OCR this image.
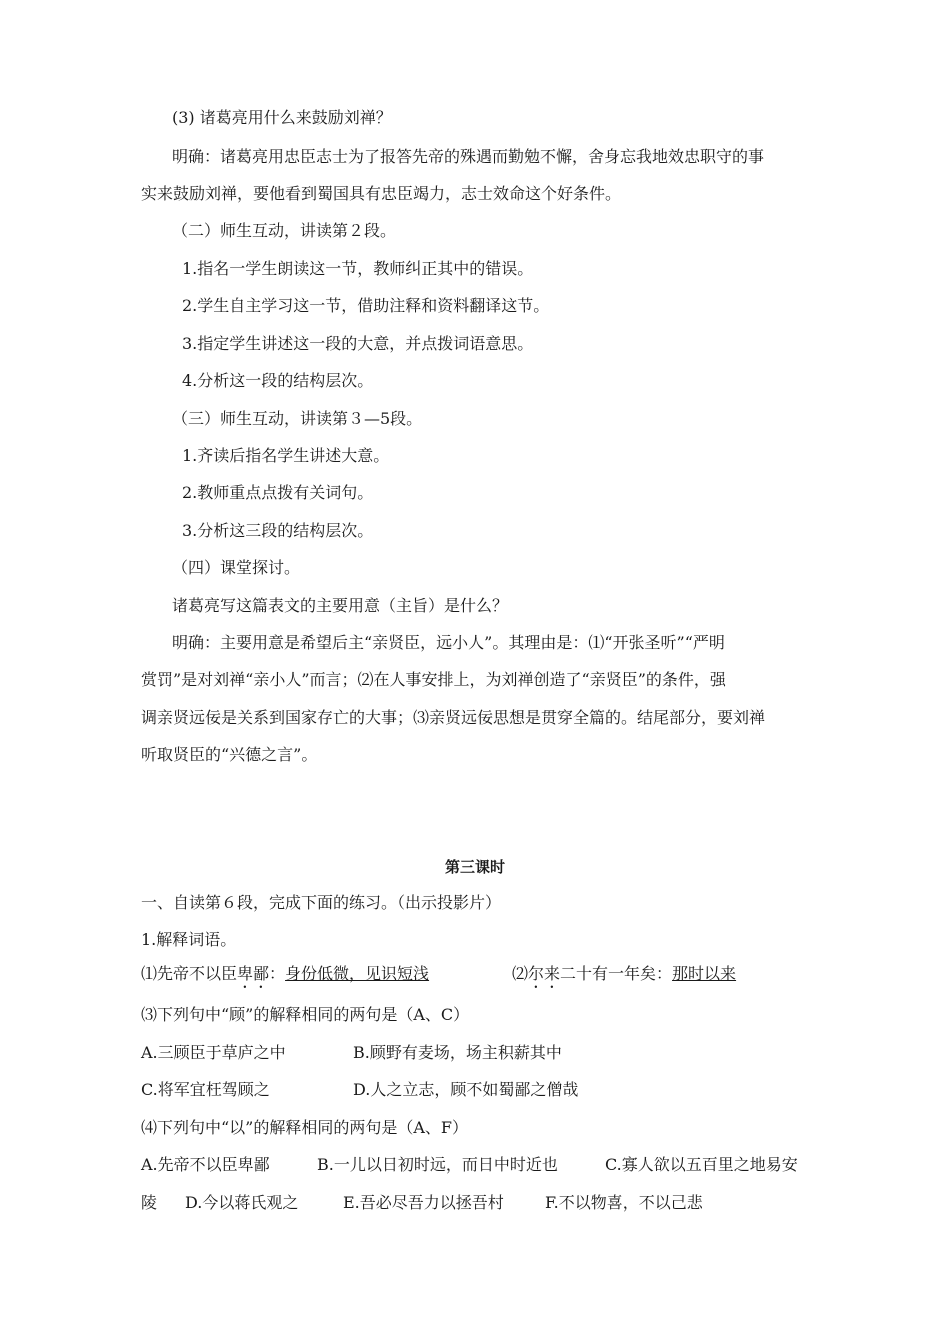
(3) 诸葛亮用什么来鼓励刘禅？
明确：诸葛亮用忠臣志士为了报答先帝的殊遇而勤勉不懈，舍身忘我地效忠职守的事
实来鼓励刘禅，要他看到蜀国具有忠臣竭力，志士效命这个好条件。
（二）师生互动，讲读第２段。
1.指名一学生朗读这一节，教师纠正其中的错误。
2.学生自主学习这一节，借助注释和资料翻译这节。
3.指定学生讲述这一段的大意，并点拨词语意思。
4.分析这一段的结构层次。
（三）师生互动，讲读第３—5段。
1.齐读后指名学生讲述大意。
2.教师重点点拨有关词句。
3.分析这三段的结构层次。
（四）课堂探讨。
诸葛亮写这篇表文的主要用意（主旨）是什么？
明确：主要用意是希望后主“亲贤臣，远小人”。其理由是：⑴“开张圣听”“严明
赏罚”是对刘禅“亲小人”而言；⑵在人事安排上，为刘禅创造了“亲贤臣”的条件，强
调亲贤远佞是关系到国家存亡的大事；⑶亲贤远佞思想是贯穿全篇的。结尾部分，要刘禅
听取贤臣的“兴德之言”。
第三课时
一、自读第６段，完成下面的练习。（出示投影片）
1.解释词语。
⑴先帝不以臣卑鄙：身份低微，见识短浅	⑵尔来二十有一年矣：那时以来
⑶下列句中“顾”的解释相同的两句是（A、C）
A.三顾臣于草庐之中	B.顾野有麦场，场主积薪其中
C.将军宜枉驾顾之	D.人之立志，顾不如蜀鄙之僧哉
⑷下列句中“以”的解释相同的两句是（A、F）
A.先帝不以臣卑鄙	B.一儿以日初时远，而日中时近也	C.寡人欲以五百里之地易安
陵 D.今以蒋氏观之	E.吾必尽吾力以拯吾村	F.不以物喜，不以己悲
